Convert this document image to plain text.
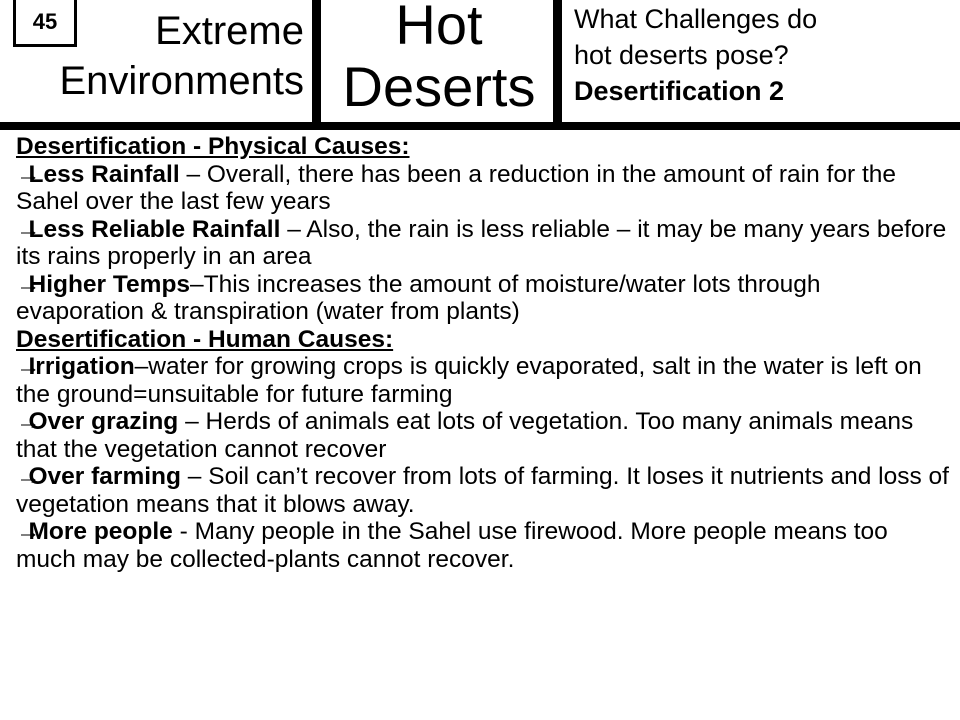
45	Extreme
Environments
Hot
Deserts
What Challenges do
hot deserts pose?
Desertification 2
Desertification - Physical Causes:

→Less Rainfall – Overall, there has been a reduction in the amount of rain for the Sahel over the last few years

→Less Reliable Rainfall – Also, the rain is less reliable – it may be many years before its rains properly in an area

→Higher Temps–This increases the amount of moisture/water lots through evaporation & transpiration (water from plants)

Desertification - Human Causes:

→Irrigation–water for growing crops is quickly evaporated, salt in the water is left on the ground=unsuitable for future farming

→Over grazing – Herds of animals eat lots of vegetation. Too many animals means that the vegetation cannot recover

→Over farming – Soil can’t recover from lots of farming. It loses it nutrients and loss of vegetation means that it blows away.

→More people - Many people in the Sahel use firewood. More people means too much may be collected-plants cannot recover.
